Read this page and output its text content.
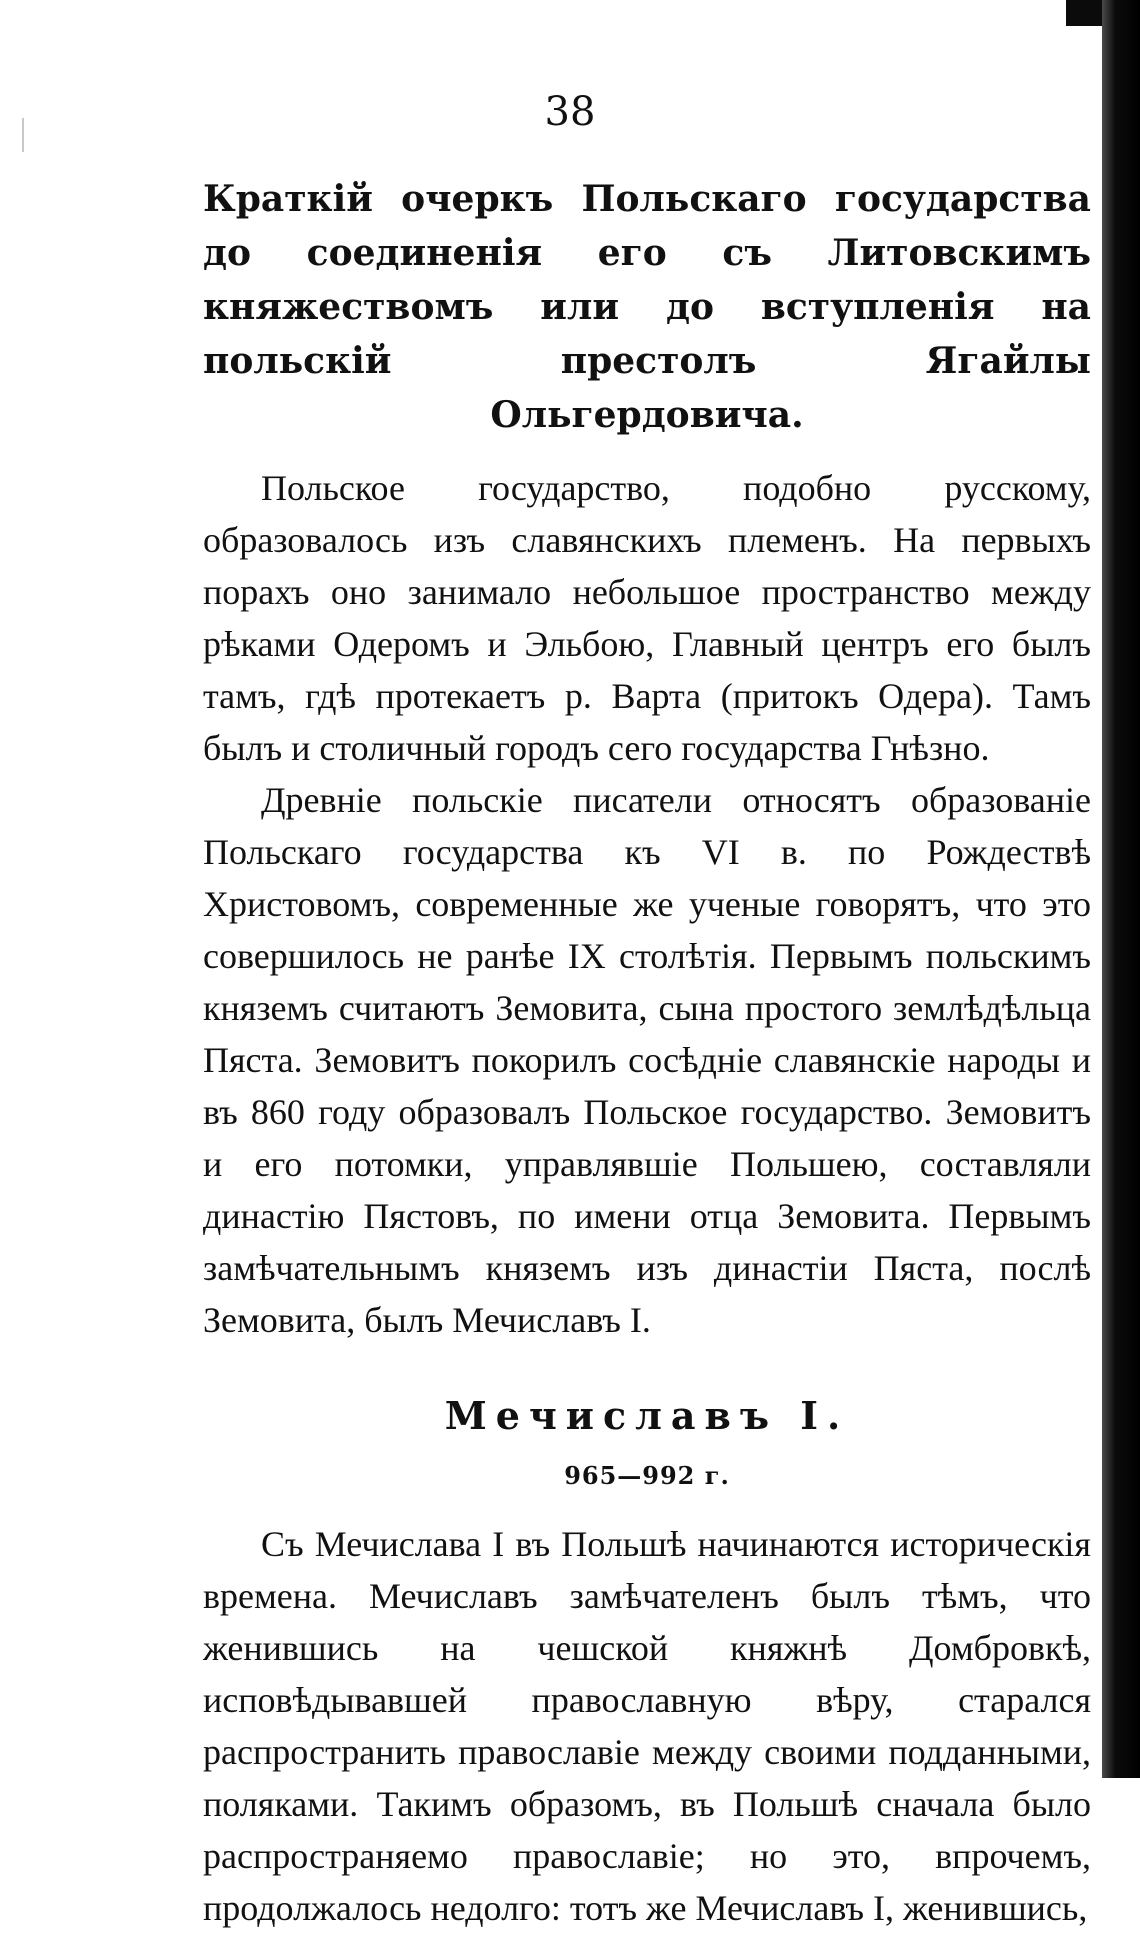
38
Краткій очеркъ Польскаго государства до соединенія его съ Литовскимъ княжествомъ или до вступленія на польскій престолъ Ягайлы Ольгердовича.

Польское государство, подобно русскому, образовалось изъ славянскихъ племенъ. На первыхъ порахъ оно занимало небольшое пространство между рѣками Одеромъ и Эльбою, Главный центръ его былъ тамъ, гдѣ протекаетъ р. Варта (притокъ Одера). Тамъ былъ и столичный городъ сего государства Гнѣзно.

Древніе польскіе писатели относятъ образованіе Польскаго государства къ VI в. по Рождествѣ Христовомъ, современные же ученые говорятъ, что это совершилось не ранѣе IX столѣтія. Первымъ польскимъ княземъ считаютъ Земовита, сына простого землѣдѣльца Пяста. Земовитъ покорилъ сосѣдніе славянскіе народы и въ 860 году образовалъ Польское государство. Земовитъ и его потомки, управлявшіе Польшею, составляли династію Пястовъ, по имени отца Земовита. Первымъ замѣчательнымъ княземъ изъ династіи Пяста, послѣ Земовита, былъ Мечиславъ I.

Мечиславъ I.
965—992 г.

Съ Мечислава I въ Польшѣ начинаются историческія времена. Мечиславъ замѣчателенъ былъ тѣмъ, что женившись на чешской княжнѣ Домбровкѣ, исповѣдывавшей православную вѣру, старался распространить православіе между своими подданными, поляками. Такимъ образомъ, въ Польшѣ сначала было распространяемо православіе; но это, впрочемъ, продолжалось недолго: тотъ же Мечиславъ I, женившись,
